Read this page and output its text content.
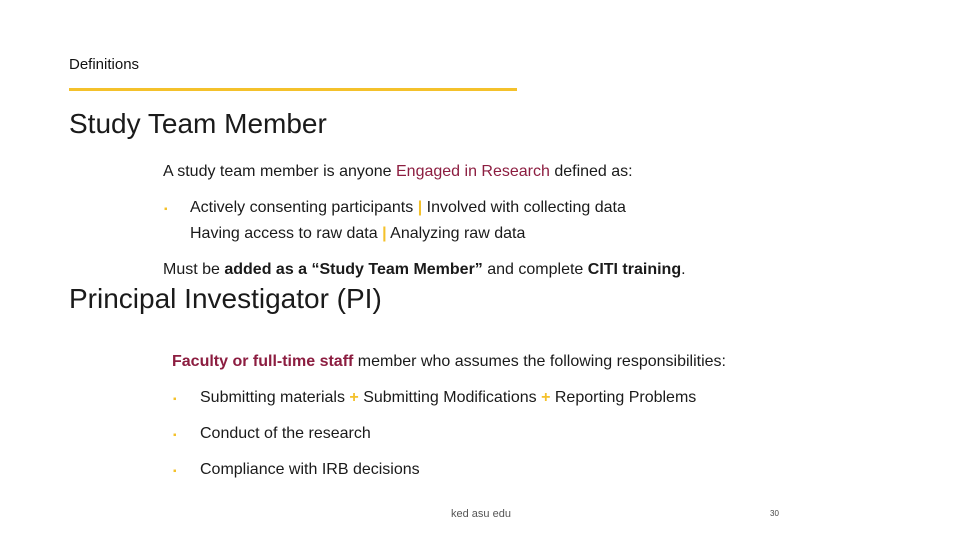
Definitions
Study Team Member
A study team member is anyone Engaged in Research defined as:
▪ Actively consenting participants | Involved with collecting data
Having access to raw data | Analyzing raw data
Must be added as a “Study Team Member” and complete CITI training.
Principal Investigator (PI)
Faculty or full-time staff member who assumes the following responsibilities:
▪ Submitting materials + Submitting Modifications + Reporting Problems
▪ Conduct of the research
▪ Compliance with IRB decisions
ked asu edu	30
